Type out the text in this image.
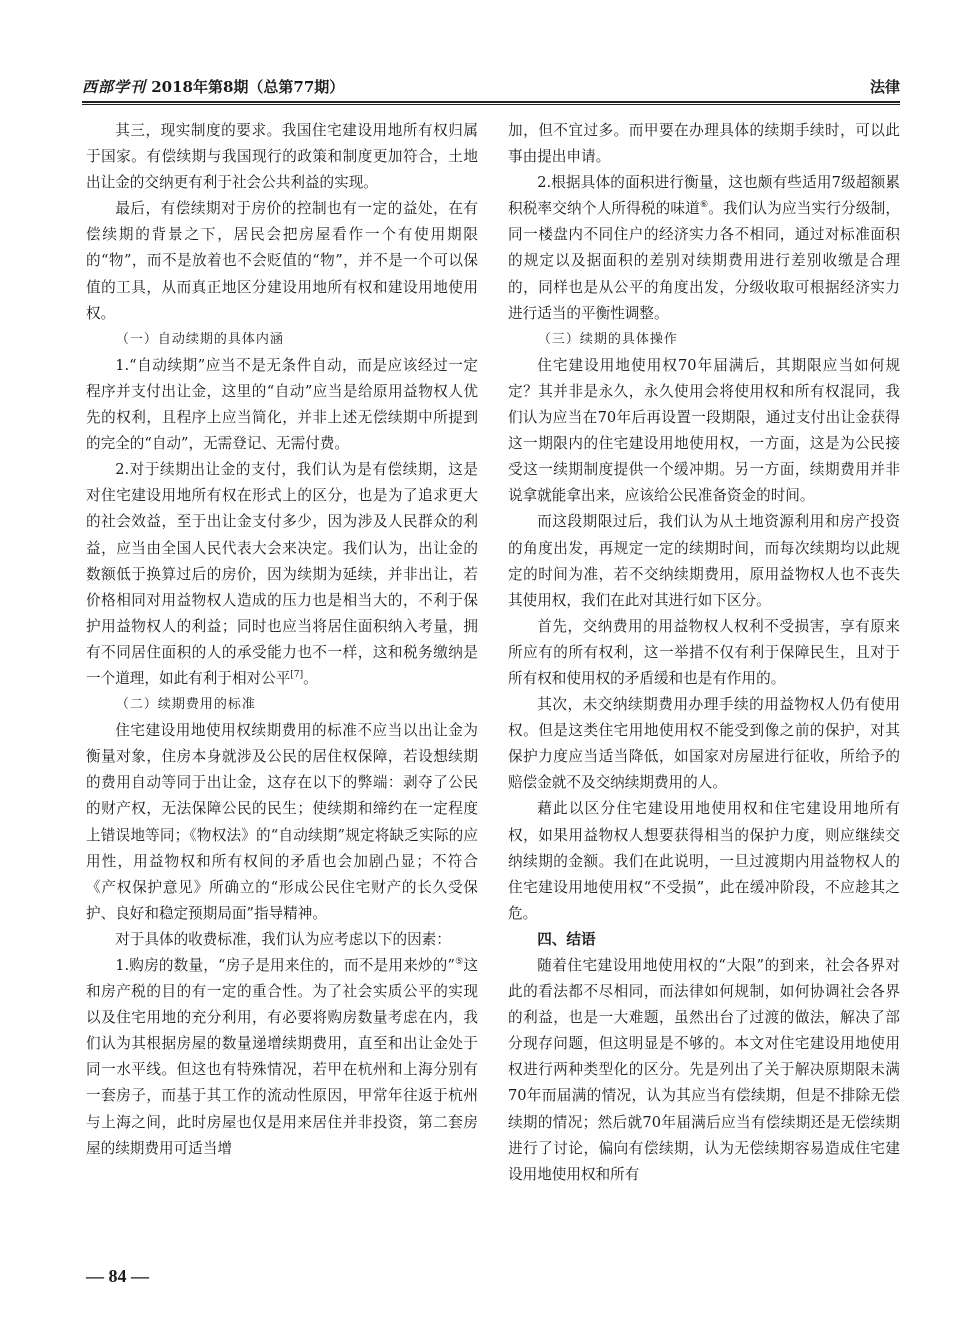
西部学刊 2018年第8期（总第77期）	法律

其三，现实制度的要求。我国住宅建设用地所有权归属于国家。有偿续期与我国现行的政策和制度更加符合，土地出让金的交纳更有利于社会公共利益的实现。

最后，有偿续期对于房价的控制也有一定的益处，在有偿续期的背景之下，居民会把房屋看作一个有使用期限的“物”，而不是放着也不会贬值的“物”，并不是一个可以保值的工具，从而真正地区分建设用地所有权和建设用地使用权。

（一）自动续期的具体内涵

1.“自动续期”应当不是无条件自动，而是应该经过一定程序并支付出让金，这里的“自动”应当是给原用益物权人优先的权利，且程序上应当简化，并非上述无偿续期中所提到的完全的“自动”，无需登记、无需付费。

2.对于续期出让金的支付，我们认为是有偿续期，这是对住宅建设用地所有权在形式上的区分，也是为了追求更大的社会效益，至于出让金支付多少，因为涉及人民群众的利益，应当由全国人民代表大会来决定。我们认为，出让金的数额低于换算过后的房价，因为续期为延续，并非出让，若价格相同对用益物权人造成的压力也是相当大的，不利于保护用益物权人的利益；同时也应当将居住面积纳入考量，拥有不同居住面积的人的承受能力也不一样，这和税务缴纳是一个道理，如此有利于相对公平[7]。

（二）续期费用的标准

住宅建设用地使用权续期费用的标准不应当以出让金为衡量对象，住房本身就涉及公民的居住权保障，若设想续期的费用自动等同于出让金，这存在以下的弊端：剥夺了公民的财产权，无法保障公民的民生；使续期和缔约在一定程度上错误地等同；《物权法》的“自动续期”规定将缺乏实际的应用性，用益物权和所有权间的矛盾也会加剧凸显；不符合《产权保护意见》所确立的“形成公民住宅财产的长久受保护、良好和稳定预期局面”指导精神。

对于具体的收费标准，我们认为应考虑以下的因素：

1.购房的数量，“房子是用来住的，而不是用来炒的”⑤这和房产税的目的有一定的重合性。为了社会实质公平的实现以及住宅用地的充分利用，有必要将购房数量考虑在内，我们认为其根据房屋的数量递增续期费用，直至和出让金处于同一水平线。但这也有特殊情况，若甲在杭州和上海分别有一套房子，而基于其工作的流动性原因，甲常年往返于杭州与上海之间，此时房屋也仅是用来居住并非投资，第二套房屋的续期费用可适当增

加，但不宜过多。而甲要在办理具体的续期手续时，可以此事由提出申请。

2.根据具体的面积进行衡量，这也颇有些适用7级超额累积税率交纳个人所得税的味道⑥。我们认为应当实行分级制，同一楼盘内不同住户的经济实力各不相同，通过对标准面积的规定以及据面积的差别对续期费用进行差别收缴是合理的，同样也是从公平的角度出发，分级收取可根据经济实力进行适当的平衡性调整。

（三）续期的具体操作

住宅建设用地使用权70年届满后，其期限应当如何规定？其并非是永久，永久使用会将使用权和所有权混同，我们认为应当在70年后再设置一段期限，通过支付出让金获得这一期限内的住宅建设用地使用权，一方面，这是为公民接受这一续期制度提供一个缓冲期。另一方面，续期费用并非说拿就能拿出来，应该给公民准备资金的时间。

而这段期限过后，我们认为从土地资源利用和房产投资的角度出发，再规定一定的续期时间，而每次续期均以此规定的时间为准，若不交纳续期费用，原用益物权人也不丧失其使用权，我们在此对其进行如下区分。

首先，交纳费用的用益物权人权利不受损害，享有原来所应有的所有权利，这一举措不仅有利于保障民生，且对于所有权和使用权的矛盾缓和也是有作用的。

其次，未交纳续期费用办理手续的用益物权人仍有使用权。但是这类住宅用地使用权不能受到像之前的保护，对其保护力度应当适当降低，如国家对房屋进行征收，所给予的赔偿金就不及交纳续期费用的人。

藉此以区分住宅建设用地使用权和住宅建设用地所有权，如果用益物权人想要获得相当的保护力度，则应继续交纳续期的金额。我们在此说明，一旦过渡期内用益物权人的住宅建设用地使用权“不受损”，此在缓冲阶段，不应趁其之危。

四、结语

随着住宅建设用地使用权的“大限”的到来，社会各界对此的看法都不尽相同，而法律如何规制，如何协调社会各界的利益，也是一大难题，虽然出台了过渡的做法，解决了部分现存问题，但这明显是不够的。本文对住宅建设用地使用权进行两种类型化的区分。先是列出了关于解决原期限未满70年而届满的情况，认为其应当有偿续期，但是不排除无偿续期的情况；然后就70年届满后应当有偿续期还是无偿续期进行了讨论，偏向有偿续期，认为无偿续期容易造成住宅建设用地使用权和所有

— 84 —
